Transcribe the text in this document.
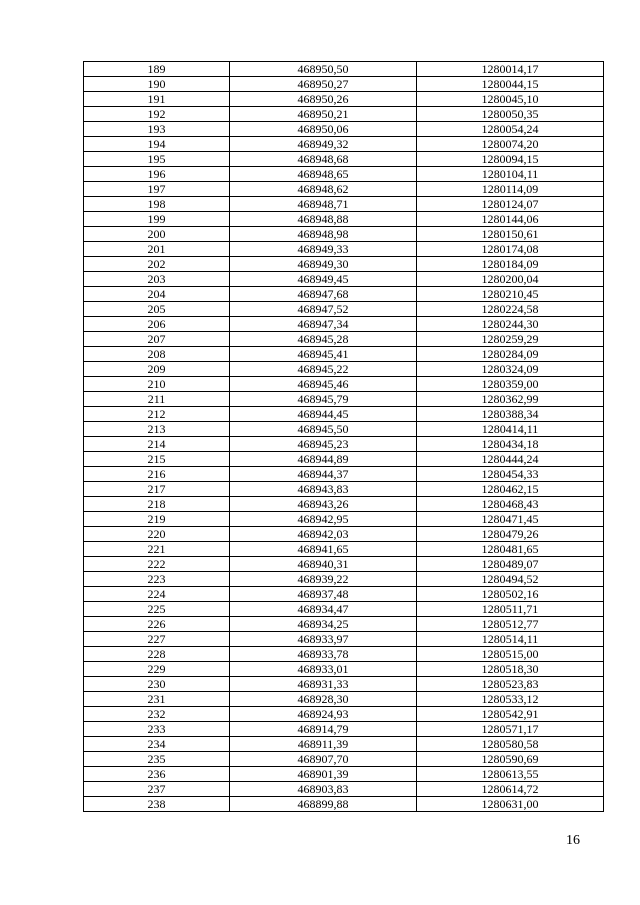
189	468950,50	1280014,17
190	468950,27	1280044,15
191	468950,26	1280045,10
192	468950,21	1280050,35
193	468950,06	1280054,24
194	468949,32	1280074,20
195	468948,68	1280094,15
196	468948,65	1280104,11
197	468948,62	1280114,09
198	468948,71	1280124,07
199	468948,88	1280144,06
200	468948,98	1280150,61
201	468949,33	1280174,08
202	468949,30	1280184,09
203	468949,45	1280200,04
204	468947,68	1280210,45
205	468947,52	1280224,58
206	468947,34	1280244,30
207	468945,28	1280259,29
208	468945,41	1280284,09
209	468945,22	1280324,09
210	468945,46	1280359,00
211	468945,79	1280362,99
212	468944,45	1280388,34
213	468945,50	1280414,11
214	468945,23	1280434,18
215	468944,89	1280444,24
216	468944,37	1280454,33
217	468943,83	1280462,15
218	468943,26	1280468,43
219	468942,95	1280471,45
220	468942,03	1280479,26
221	468941,65	1280481,65
222	468940,31	1280489,07
223	468939,22	1280494,52
224	468937,48	1280502,16
225	468934,47	1280511,71
226	468934,25	1280512,77
227	468933,97	1280514,11
228	468933,78	1280515,00
229	468933,01	1280518,30
230	468931,33	1280523,83
231	468928,30	1280533,12
232	468924,93	1280542,91
233	468914,79	1280571,17
234	468911,39	1280580,58
235	468907,70	1280590,69
236	468901,39	1280613,55
237	468903,83	1280614,72
238	468899,88	1280631,00
16
